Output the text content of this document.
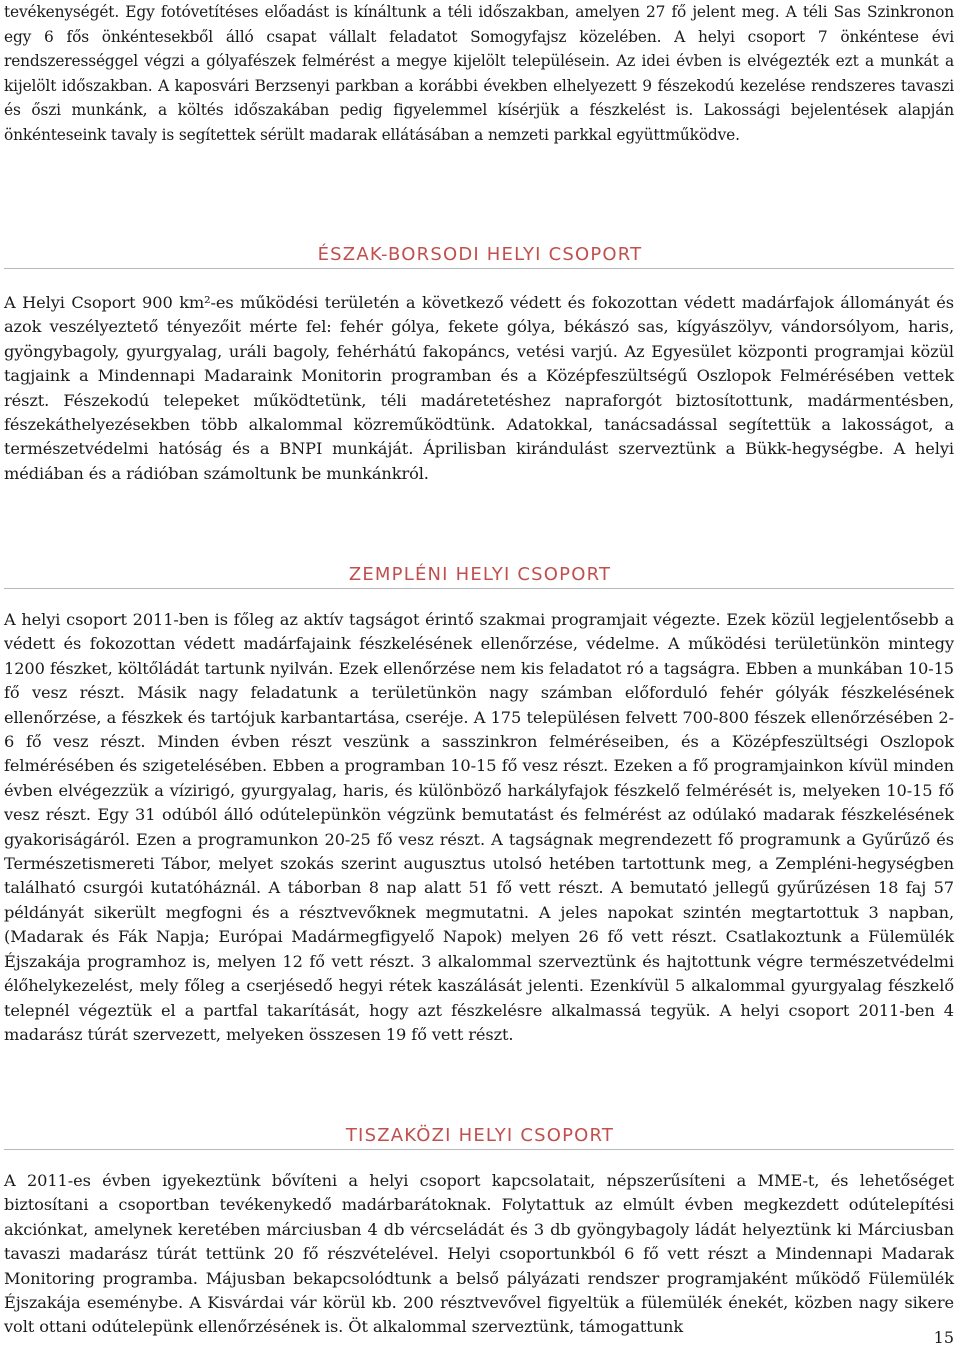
tevékenységét. Egy fotóvetítéses előadást is kínáltunk a téli időszakban, amelyen 27 fő jelent meg. A téli Sas Szinkronon egy 6 fős önkéntesekből álló csapat vállalt feladatot Somogyfajsz közelében. A helyi csoport 7 önkéntese évi rendszerességgel végzi a gólyafészek felmérést a megye kijelölt településein. Az idei évben is elvégezték ezt a munkát a kijelölt időszakban. A kaposvári Berzsenyi parkban a korábbi években elhelyezett 9 fészekodú kezelése rendszeres tavaszi és őszi munkánk, a költés időszakában pedig figyelemmel kísérjük a fészkelést is. Lakossági bejelentések alapján önkénteseink tavaly is segítettek sérült madarak ellátásában a nemzeti parkkal együttműködve.

ÉSZAK-BORSODI HELYI CSOPORT

A Helyi Csoport 900 km²-es működési területén a következő védett és fokozottan védett madárfajok állományát és azok veszélyeztető tényezőit mérte fel: fehér gólya, fekete gólya, békászó sas, kígyászölyv, vándorsólyom, haris, gyöngybagoly, gyurgyalag, uráli bagoly, fehérhátú fakopáncs, vetési varjú. Az Egyesület központi programjai közül tagjaink a Mindennapi Madaraink Monitorin programban és a Középfeszültségű Oszlopok Felmérésében vettek részt. Fészekodú telepeket működtetünk, téli madáretetéshez napraforgót biztosítottunk, madármentésben, fészekáthelyezésekben több alkalommal közreműködtünk. Adatokkal, tanácsadással segítettük a lakosságot, a természetvédelmi hatóság és a BNPI munkáját. Áprilisban kirándulást szerveztünk a Bükk-hegységbe. A helyi médiában és a rádióban számoltunk be munkánkról.

ZEMPLÉNI HELYI CSOPORT

A helyi csoport 2011-ben is főleg az aktív tagságot érintő szakmai programjait végezte. Ezek közül legjelentősebb a védett és fokozottan védett madárfajaink fészkelésének ellenőrzése, védelme. A működési területünkön mintegy 1200 fészket, költőládát tartunk nyilván. Ezek ellenőrzése nem kis feladatot ró a tagságra. Ebben a munkában 10-15 fő vesz részt. Másik nagy feladatunk a területünkön nagy számban előforduló fehér gólyák fészkelésének ellenőrzése, a fészkek és tartójuk karbantartása, cseréje. A 175 településen felvett 700-800 fészek ellenőrzésében 2-6 fő vesz részt. Minden évben részt veszünk a sasszinkron felméréseiben, és a Középfeszültségi Oszlopok felmérésében és szigetelésében. Ebben a programban 10-15 fő vesz részt. Ezeken a fő programjainkon kívül minden évben elvégezzük a vízirigó, gyurgyalag, haris, és különböző harkályfajok fészkelő felmérését is, melyeken 10-15 fő vesz részt. Egy 31 odúból álló odútelepünkön végzünk bemutatást és felmérést az odúlakó madarak fészkelésének gyakoriságáról. Ezen a programunkon 20-25 fő vesz részt. A tagságnak megrendezett fő programunk a Gyűrűző és Természetismereti Tábor, melyet szokás szerint augusztus utolsó hetében tartottunk meg, a Zempléni-hegységben található csurgói kutatóháznál. A táborban 8 nap alatt 51 fő vett részt. A bemutató jellegű gyűrűzésen 18 faj 57 példányát sikerült megfogni és a résztvevőknek megmutatni. A jeles napokat szintén megtartottuk 3 napban, (Madarak és Fák Napja; Európai Madármegfigyelő Napok) melyen 26 fő vett részt. Csatlakoztunk a Fülemülék Éjszakája programhoz is, melyen 12 fő vett részt. 3 alkalommal szerveztünk és hajtottunk végre természetvédelmi élőhelykezelést, mely főleg a cserjésedő hegyi rétek kaszálását jelenti. Ezenkívül 5 alkalommal gyurgyalag fészkelő telepnél végeztük el a partfal takarítását, hogy azt fészkelésre alkalmassá tegyük. A helyi csoport 2011-ben 4 madarász túrát szervezett, melyeken összesen 19 fő vett részt.

TISZAKÖZI HELYI CSOPORT

A 2011-es évben igyekeztünk bővíteni a helyi csoport kapcsolatait, népszerűsíteni a MME-t, és lehetőséget biztosítani a csoportban tevékenykedő madárbarátoknak. Folytattuk az elmúlt évben megkezdett odútelepítési akciónkat, amelynek keretében márciusban 4 db vércseládát és 3 db gyöngybagoly ládát helyeztünk ki Márciusban tavaszi madarász túrát tettünk 20 fő részvételével. Helyi csoportunkból 6 fő vett részt a Mindennapi Madarak Monitoring programba. Májusban bekapcsolódtunk a belső pályázati rendszer programjaként működő Fülemülék Éjszakája eseménybe. A Kisvárdai vár körül kb. 200 résztvevővel figyeltük a fülemülék énekét, közben nagy sikere volt ottani odútelepünk ellenőrzésének is. Öt alkalommal szerveztünk, támogattunk

15
